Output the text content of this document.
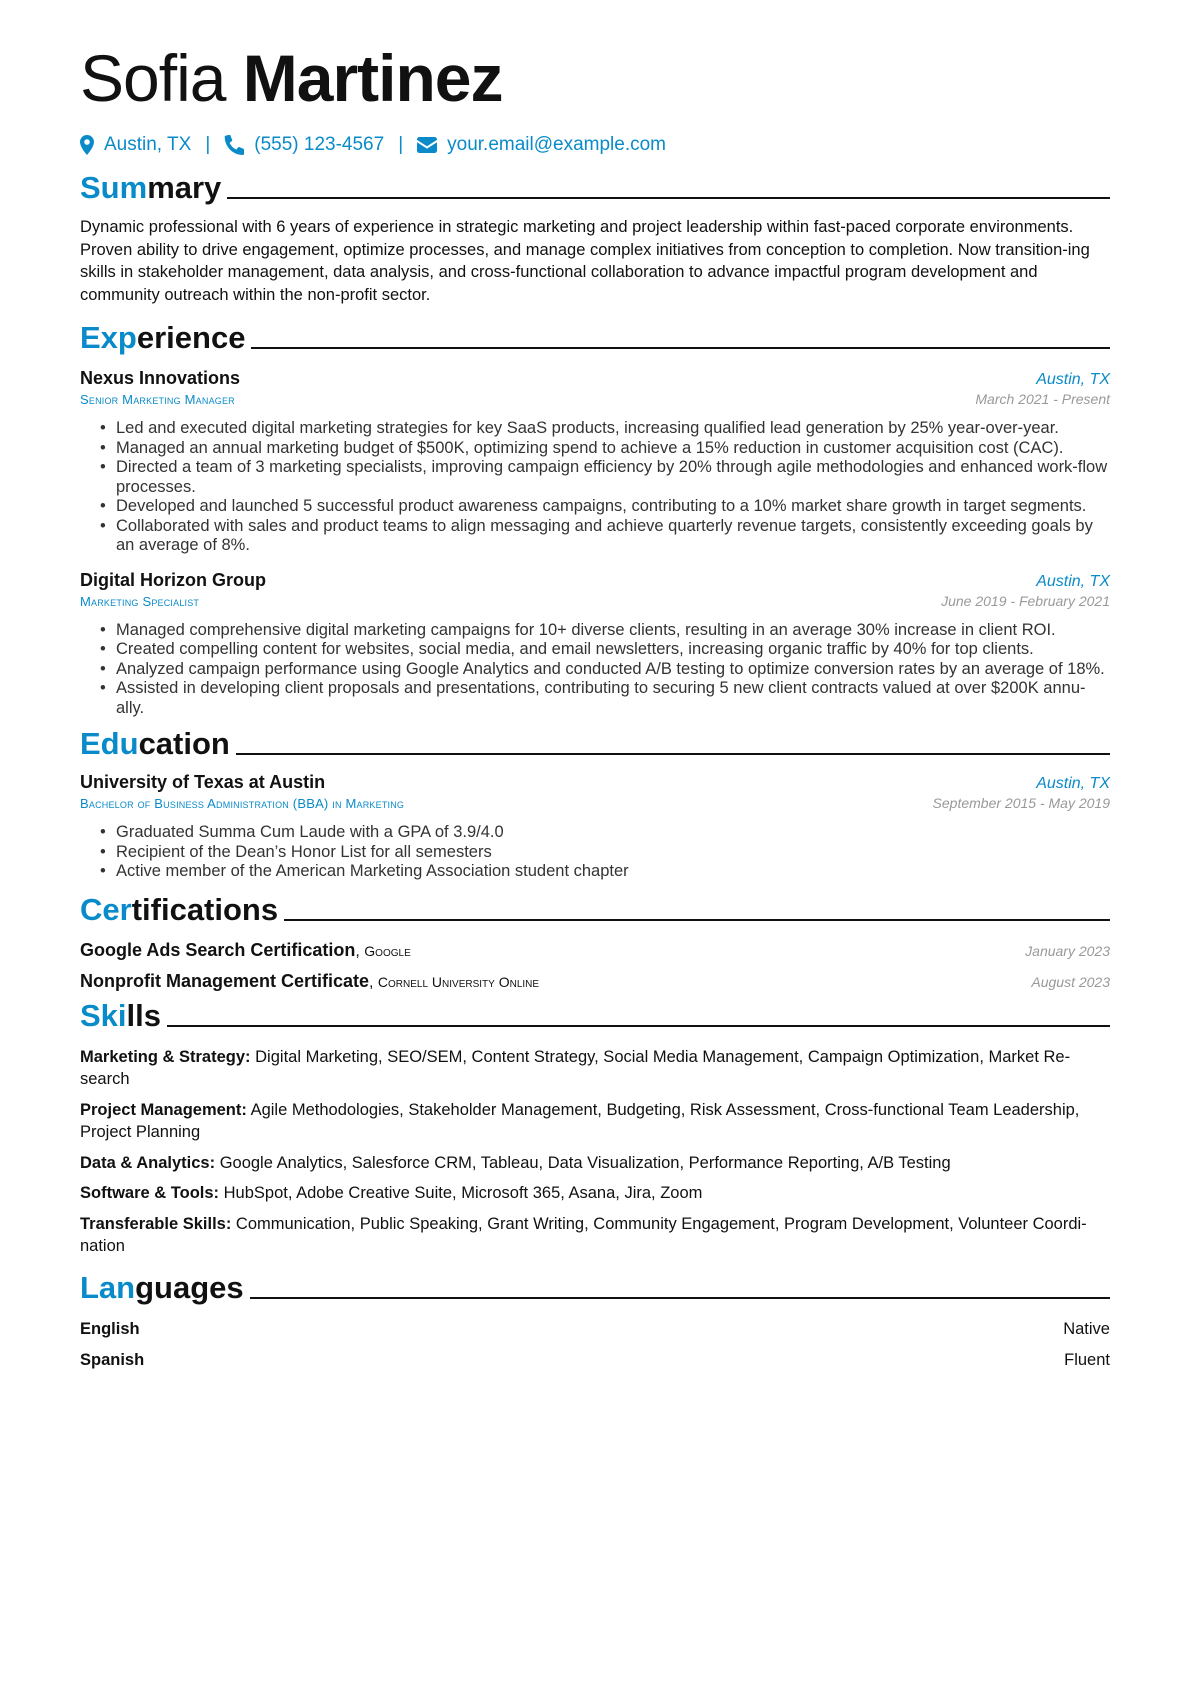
Sofia Martinez
Austin, TX | (555) 123-4567 | your.email@example.com
Summary

Dynamic professional with 6 years of experience in strategic marketing and project leadership within fast-paced corporate environments. Proven ability to drive engagement, optimize processes, and manage complex initiatives from conception to completion. Now transition-ing skills in stakeholder management, data analysis, and cross-functional collaboration to advance impactful program development and community outreach within the non-profit sector.

Experience
Nexus Innovations	Austin, TX
Senior Marketing Manager	March 2021 - Present
• Led and executed digital marketing strategies for key SaaS products, increasing qualified lead generation by 25% year-over-year.
• Managed an annual marketing budget of $500K, optimizing spend to achieve a 15% reduction in customer acquisition cost (CAC).
• Directed a team of 3 marketing specialists, improving campaign efficiency by 20% through agile methodologies and enhanced work-flow processes.
• Developed and launched 5 successful product awareness campaigns, contributing to a 10% market share growth in target segments.
• Collaborated with sales and product teams to align messaging and achieve quarterly revenue targets, consistently exceeding goals by an average of 8%.
Digital Horizon Group	Austin, TX
Marketing Specialist	June 2019 - February 2021
• Managed comprehensive digital marketing campaigns for 10+ diverse clients, resulting in an average 30% increase in client ROI.
• Created compelling content for websites, social media, and email newsletters, increasing organic traffic by 40% for top clients.
• Analyzed campaign performance using Google Analytics and conducted A/B testing to optimize conversion rates by an average of 18%.
• Assisted in developing client proposals and presentations, contributing to securing 5 new client contracts valued at over $200K annu-ally.
Education
University of Texas at Austin	Austin, TX
Bachelor of Business Administration (BBA) in Marketing	September 2015 - May 2019
• Graduated Summa Cum Laude with a GPA of 3.9/4.0
• Recipient of the Dean’s Honor List for all semesters
• Active member of the American Marketing Association student chapter
Certifications
Google Ads Search Certification, Google	January 2023
Nonprofit Management Certificate, Cornell University Online	August 2023
Skills

Marketing & Strategy: Digital Marketing, SEO/SEM, Content Strategy, Social Media Management, Campaign Optimization, Market Re-search

Project Management: Agile Methodologies, Stakeholder Management, Budgeting, Risk Assessment, Cross-functional Team Leadership, Project Planning

Data & Analytics: Google Analytics, Salesforce CRM, Tableau, Data Visualization, Performance Reporting, A/B Testing

Software & Tools: HubSpot, Adobe Creative Suite, Microsoft 365, Asana, Jira, Zoom

Transferable Skills: Communication, Public Speaking, Grant Writing, Community Engagement, Program Development, Volunteer Coordi-nation

Languages
English	Native
Spanish	Fluent
